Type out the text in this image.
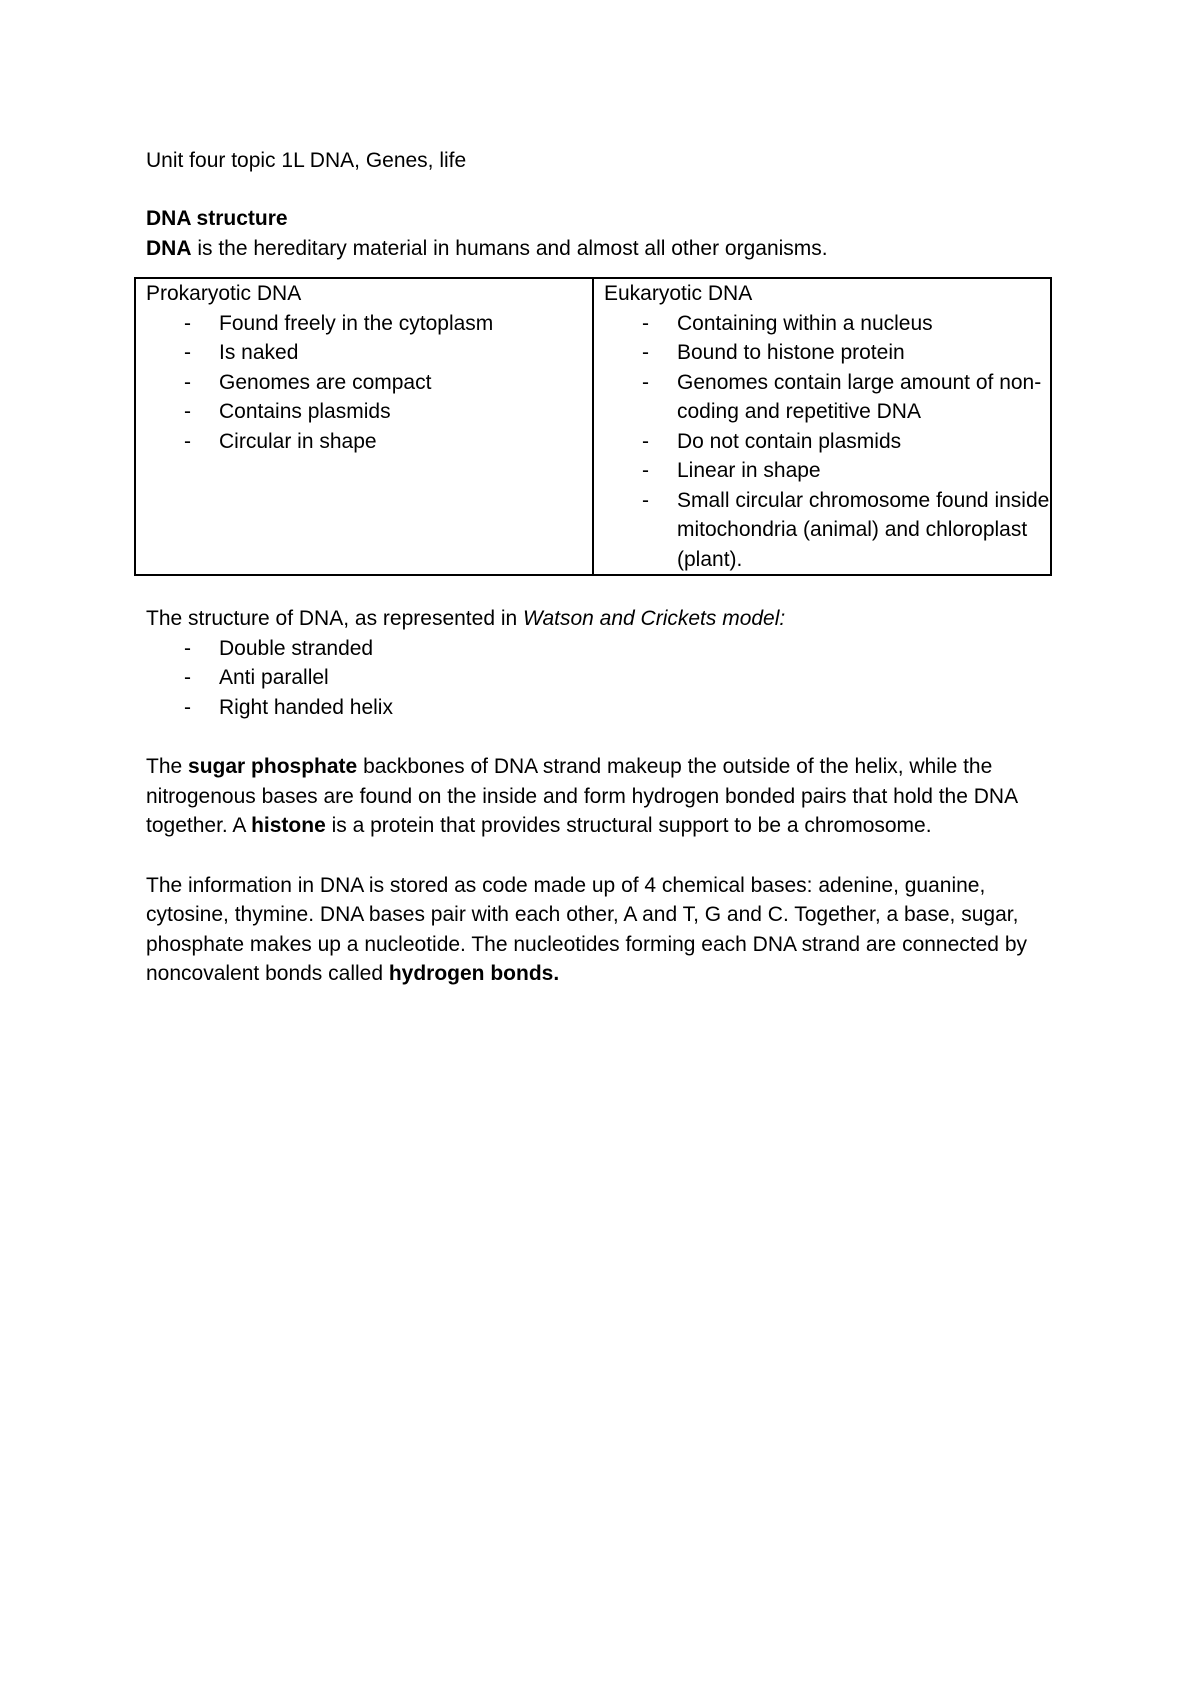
Unit four topic 1L DNA, Genes, life
DNA structure
DNA is the hereditary material in humans and almost all other organisms.
Prokaryotic DNA
- Found freely in the cytoplasm
- Is naked
- Genomes are compact
- Contains plasmids
- Circular in shape

Eukaryotic DNA
- Containing within a nucleus
- Bound to histone protein
- Genomes contain large amount of non-coding and repetitive DNA
- Do not contain plasmids
- Linear in shape
- Small circular chromosome found inside mitochondria (animal) and chloroplast (plant).
The structure of DNA, as represented in Watson and Crickets model:
- Double stranded
- Anti parallel
- Right handed helix
The sugar phosphate backbones of DNA strand makeup the outside of the helix, while the nitrogenous bases are found on the inside and form hydrogen bonded pairs that hold the DNA together. A histone is a protein that provides structural support to be a chromosome.
The information in DNA is stored as code made up of 4 chemical bases: adenine, guanine, cytosine, thymine. DNA bases pair with each other, A and T, G and C. Together, a base, sugar, phosphate makes up a nucleotide. The nucleotides forming each DNA strand are connected by noncovalent bonds called hydrogen bonds.
